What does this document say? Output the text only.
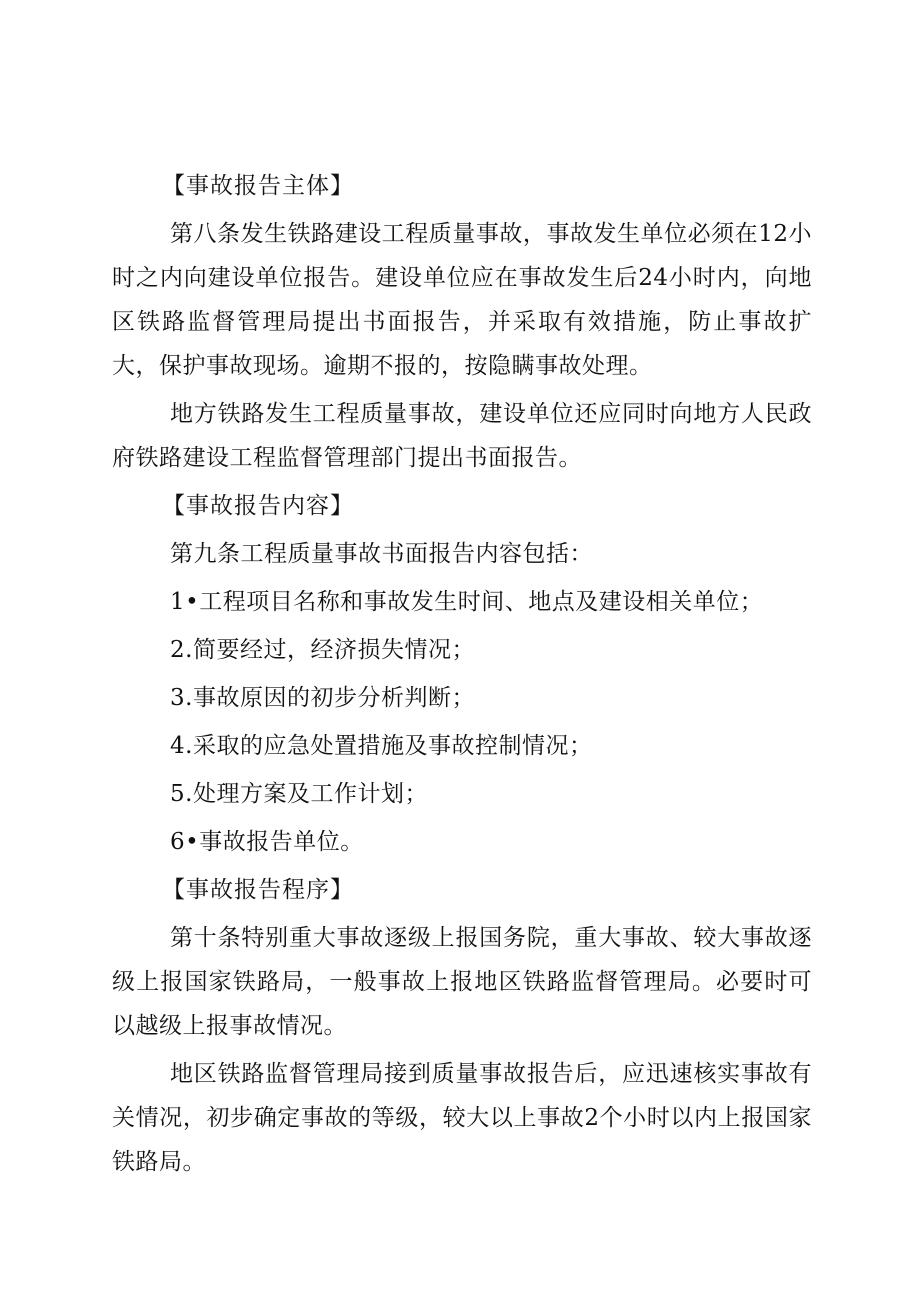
【事故报告主体】
第八条发生铁路建设工程质量事故，事故发生单位必须在12小时之内向建设单位报告。建设单位应在事故发生后24小时内，向地区铁路监督管理局提出书面报告，并采取有效措施，防止事故扩大，保护事故现场。逾期不报的，按隐瞒事故处理。
地方铁路发生工程质量事故，建设单位还应同时向地方人民政府铁路建设工程监督管理部门提出书面报告。
【事故报告内容】
第九条工程质量事故书面报告内容包括：
1•工程项目名称和事故发生时间、地点及建设相关单位；
2.简要经过，经济损失情况；
3.事故原因的初步分析判断；
4.采取的应急处置措施及事故控制情况；
5.处理方案及工作计划；
6•事故报告单位。
【事故报告程序】
第十条特别重大事故逐级上报国务院，重大事故、较大事故逐级上报国家铁路局，一般事故上报地区铁路监督管理局。必要时可以越级上报事故情况。
地区铁路监督管理局接到质量事故报告后，应迅速核实事故有关情况，初步确定事故的等级，较大以上事故2个小时以内上报国家铁路局。
